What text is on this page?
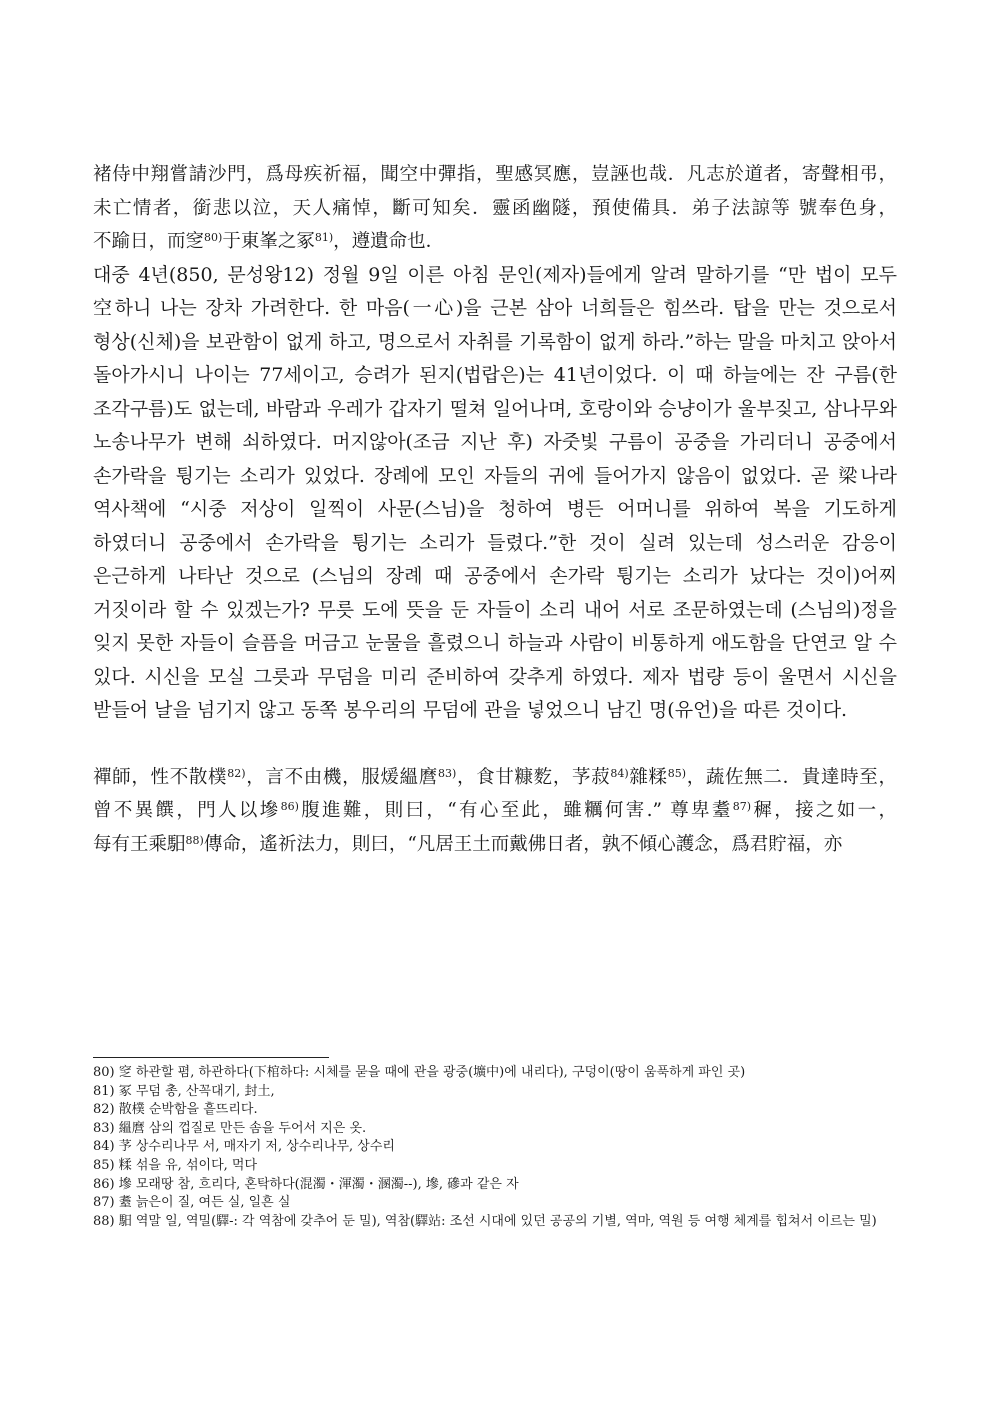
褚侍中翔嘗請沙門，爲母疾祈福，聞空中彈指，聖感冥應，豈誣也哉．凡志於道者，寄聲相弔，未亡情者，銜悲以泣，天人痛悼，斷可知矣．靈函幽隧，預使備具．弟子法諒等 號奉色身，不踰日，而窆$^{80)}$于東峯之冢$^{81)}$，遵遺命也．

대중 4년(850, 문성왕12) 정월 9일 이른 아침 문인(제자)들에게 알려 말하기를 “만 법이 모두 空하니 나는 장차 가려한다. 한 마음(一心)을 근본 삼아 너희들은 힘쓰라. 탑을 만는 것으로서 형상(신체)을 보관함이 없게 하고, 명으로서 자취를 기록함이 없게 하라.”하는 말을 마치고 앉아서 돌아가시니 나이는 77세이고, 승려가 된지(법랍은)는 41년이었다. 이 때 하늘에는 잔 구름(한 조각구름)도 없는데, 바람과 우레가 갑자기 떨쳐 일어나며, 호랑이와 승냥이가 울부짖고, 삼나무와 노송나무가 변해 쇠하였다. 머지않아(조금 지난 후) 자줏빛 구름이 공중을 가리더니 공중에서 손가락을 튕기는 소리가 있었다. 장례에 모인 자들의 귀에 들어가지 않음이 없었다. 곧 梁나라 역사책에 “시중 저상이 일찍이 사문(스님)을 청하여 병든 어머니를 위하여 복을 기도하게 하였더니 공중에서 손가락을 튕기는 소리가 들렸다.”한 것이 실려 있는데 성스러운 감응이 은근하게 나타난 것으로 (스님의 장례 때 공중에서 손가락 튕기는 소리가 났다는 것이)어찌 거짓이라 할 수 있겠는가? 무릇 도에 뜻을 둔 자들이 소리 내어 서로 조문하였는데 (스님의)정을 잊지 못한 자들이 슬픔을 머금고 눈물을 흘렸으니 하늘과 사람이 비통하게 애도함을 단연코 알 수 있다. 시신을 모실 그릇과 무덤을 미리 준비하여 갖추게 하였다. 제자 법량 등이 울면서 시신을 받들어 날을 넘기지 않고 동쪽 봉우리의 무덤에 관을 넣었으니 남긴 명(유언)을 따른 것이다.

禪師，性不散樸$^{82)}$，言不由機，服煖縕麿$^{83)}$，食甘糠麧，芧菽$^{84)}$雜糅$^{85)}$，蔬佐無二．貴達時至，曾不異饌，門人以墋$^{86)}$腹進難，則曰，“有心至此，雖糲何害.” 尊卑耋$^{87)}$穉，接之如一，每有王乘馹$^{88)}$傳命，遙祈法力，則曰，“凡居王土而戴佛日者，孰不傾心護念，爲君貯福，亦

80) 窆 하관할 폄, 하관하다(下棺하다: 시체를 묻을 때에 관을 광중(壙中)에 내리다), 구덩이(땅이 움푹하게 파인 곳)
81) 冢 무덤 총, 산꼭대기, 封土,
82) 散樸 순박함을 흩뜨리다.
83) 縕麿 삼의 껍질로 만든 솜을 두어서 지은 옷.
84) 芧 상수리나무 서, 매자기 저, 상수리나무, 상수리
85) 糅 섞을 유, 섞이다, 먹다
86) 墋 모래땅 참, 흐리다, 혼탁하다(混濁・渾濁・溷濁--), 墋, 磣과 같은 자
87) 耋 늙은이 질, 여든 실, 일흔 실
88) 馹 역말 일, 역밀(驛-: 각 역참에 갖추어 둔 밀), 역참(驛站: 조선 시대에 있던 공공의 기별, 역마, 역원 등 여행 체계를 힙쳐서 이르는 밀)
